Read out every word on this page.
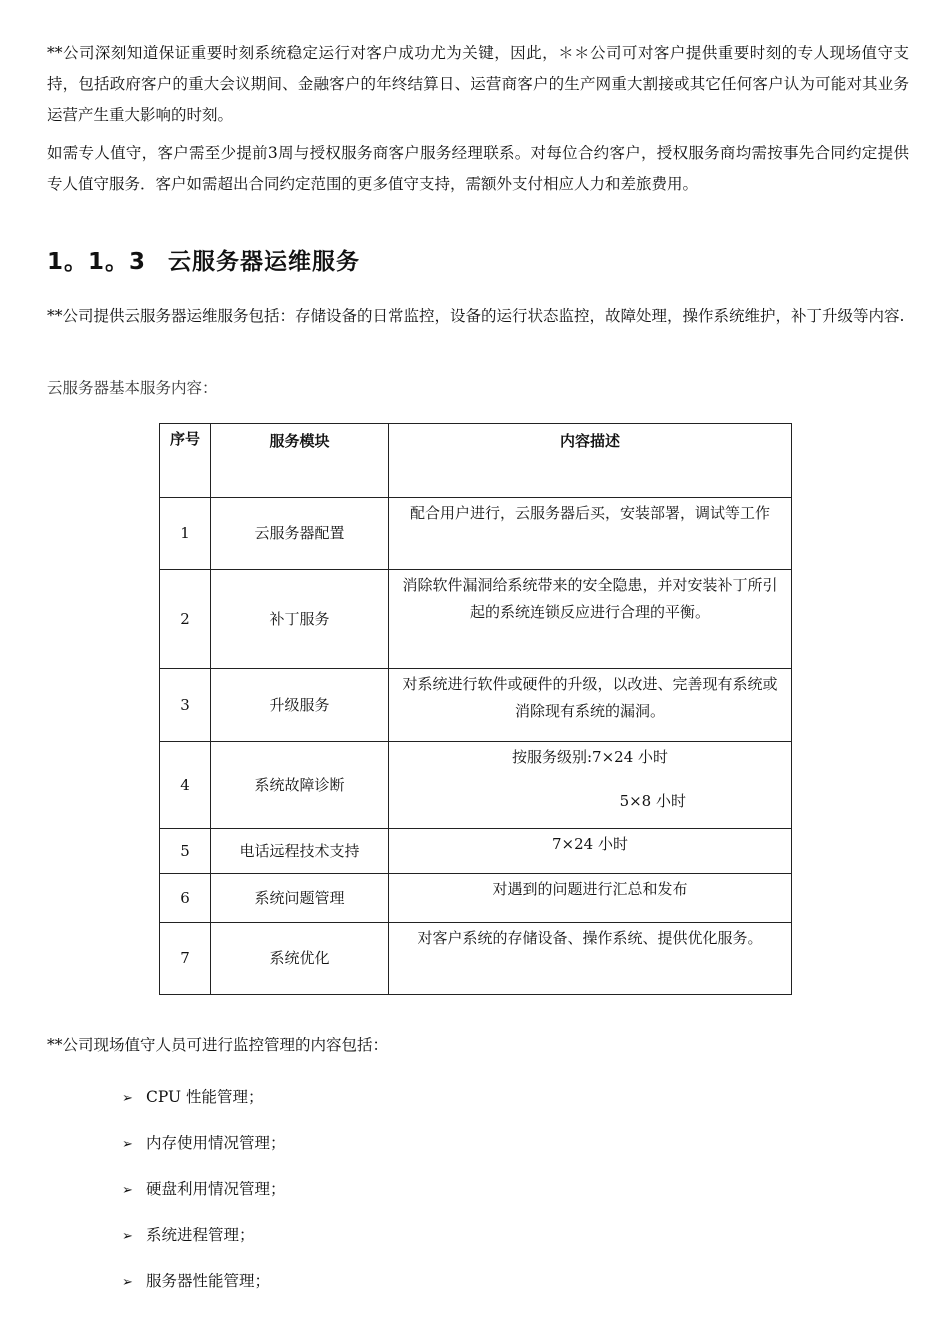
**公司深刻知道保证重要时刻系统稳定运行对客户成功尤为关键，因此，＊＊公司可对客户提供重要时刻的专人现场值守支持，包括政府客户的重大会议期间、金融客户的年终结算日、运营商客户的生产网重大割接或其它任何客户认为可能对其业务运营产生重大影响的时刻。

如需专人值守，客户需至少提前3周与授权服务商客户服务经理联系。对每位合约客户，授权服务商均需按事先合同约定提供专人值守服务．客户如需超出合同约定范围的更多值守支持，需额外支付相应人力和差旅费用。

1。1。3 云服务器运维服务

**公司提供云服务器运维服务包括：存储设备的日常监控，设备的运行状态监控，故障处理，操作系统维护，补丁升级等内容.

云服务器基本服务内容：

序号	服务模块	内容描述
1	云服务器配置	配合用户进行，云服务器后买，安装部署，调试等工作
2	补丁服务	消除软件漏洞给系统带来的安全隐患，并对安装补丁所引起的系统连锁反应进行合理的平衡。
3	升级服务	对系统进行软件或硬件的升级，以改进、完善现有系统或消除现有系统的漏洞。
4	系统故障诊断	按服务级别:7×24 小时
5×8 小时

5	电话远程技术支持	7×24 小时
6	系统问题管理	对遇到的问题进行汇总和发布
7	系统优化	对客户系统的存储设备、操作系统、提供优化服务。

**公司现场值守人员可进行监控管理的内容包括：

➢ CPU 性能管理；
➢ 内存使用情况管理；
➢ 硬盘利用情况管理；
➢ 系统进程管理；
➢ 服务器性能管理；
